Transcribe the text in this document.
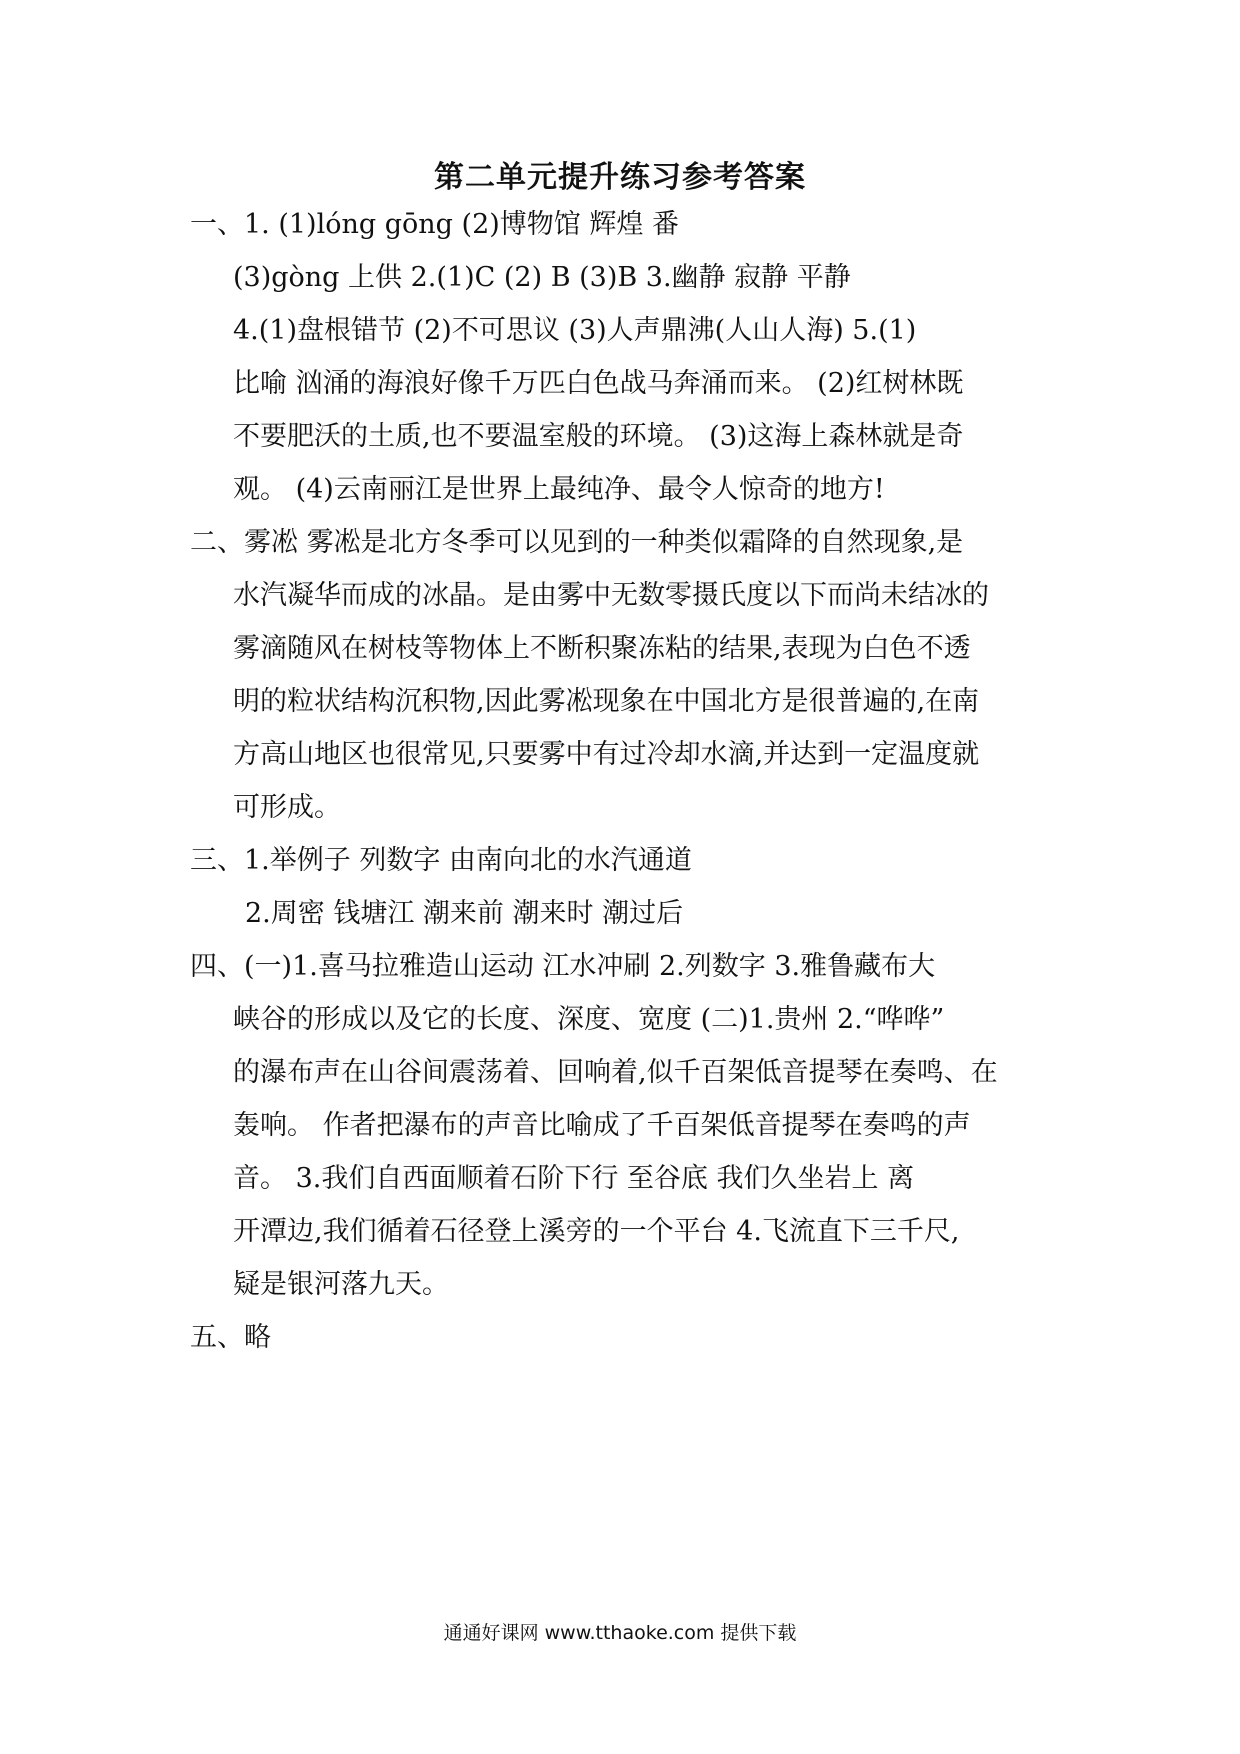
第二单元提升练习参考答案
一、1. (1)lóng gōng (2)博物馆 辉煌 番
(3)gòng 上供 2.(1)C (2) B (3)B 3.幽静 寂静 平静
4.(1)盘根错节 (2)不可思议 (3)人声鼎沸(人山人海) 5.(1)
比喻 汹涌的海浪好像千万匹白色战马奔涌而来。 (2)红树林既
不要肥沃的土质,也不要温室般的环境。 (3)这海上森林就是奇
观。 (4)云南丽江是世界上最纯净、最令人惊奇的地方!
二、雾凇 雾凇是北方冬季可以见到的一种类似霜降的自然现象,是
水汽凝华而成的冰晶。是由雾中无数零摄氏度以下而尚未结冰的
雾滴随风在树枝等物体上不断积聚冻粘的结果,表现为白色不透
明的粒状结构沉积物,因此雾凇现象在中国北方是很普遍的,在南
方高山地区也很常见,只要雾中有过冷却水滴,并达到一定温度就
可形成。
三、1.举例子 列数字 由南向北的水汽通道
2.周密 钱塘江 潮来前 潮来时 潮过后
四、(一)1.喜马拉雅造山运动 江水冲刷 2.列数字 3.雅鲁藏布大
峡谷的形成以及它的长度、深度、宽度 (二)1.贵州 2.“哗哗”
的瀑布声在山谷间震荡着、回响着,似千百架低音提琴在奏鸣、在
轰响。 作者把瀑布的声音比喻成了千百架低音提琴在奏鸣的声
音。 3.我们自西面顺着石阶下行 至谷底 我们久坐岩上 离
开潭边,我们循着石径登上溪旁的一个平台 4.飞流直下三千尺,
疑是银河落九天。
五、略
通通好课网 www.tthaoke.com 提供下载
